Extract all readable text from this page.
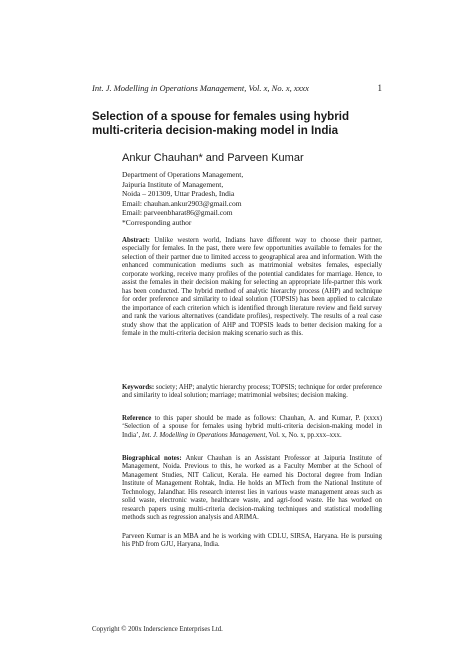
Int. J. Modelling in Operations Management, Vol. x, No. x, xxxx	1
Selection of a spouse for females using hybrid
multi-criteria decision-making model in India
Ankur Chauhan* and Parveen Kumar
Department of Operations Management,
Jaipuria Institute of Management,
Noida – 201309, Uttar Pradesh, India
Email: chauhan.ankur2903@gmail.com
Email: parveenbharat86@gmail.com
*Corresponding author
Abstract: Unlike western world, Indians have different way to choose their partner, especially for females. In the past, there were few opportunities available to females for the selection of their partner due to limited access to geographical area and information. With the enhanced communication mediums such as matrimonial websites females, especially corporate working, receive many profiles of the potential candidates for marriage. Hence, to assist the females in their decision making for selecting an appropriate life-partner this work has been conducted. The hybrid method of analytic hierarchy process (AHP) and technique for order preference and similarity to ideal solution (TOPSIS) has been applied to calculate the importance of each criterion which is identified through literature review and field survey and rank the various alternatives (candidate profiles), respectively. The results of a real case study show that the application of AHP and TOPSIS leads to better decision making for a female in the multi-criteria decision making scenario such as this.
Keywords: society; AHP; analytic hierarchy process; TOPSIS; technique for order preference and similarity to ideal solution; marriage; matrimonial websites; decision making.
Reference to this paper should be made as follows: Chauhan, A. and Kumar, P. (xxxx) ‘Selection of a spouse for females using hybrid multi-criteria decision-making model in India’, Int. J. Modelling in Operations Management, Vol. x, No. x, pp.xxx–xxx.
Biographical notes: Ankur Chauhan is an Assistant Professor at Jaipuria Institute of Management, Noida. Previous to this, he worked as a Faculty Member at the School of Management Studies, NIT Calicut, Kerala. He earned his Doctoral degree from Indian Institute of Management Rohtak, India. He holds an MTech from the National Institute of Technology, Jalandhar. His research interest lies in various waste management areas such as solid waste, electronic waste, healthcare waste, and agri-food waste. He has worked on research papers using multi-criteria decision-making techniques and statistical modelling methods such as regression analysis and ARIMA.
Parveen Kumar is an MBA and he is working with CDLU, SIRSA, Haryana. He is pursuing his PhD from GJU, Haryana, India.
Copyright © 200x Inderscience Enterprises Ltd.
